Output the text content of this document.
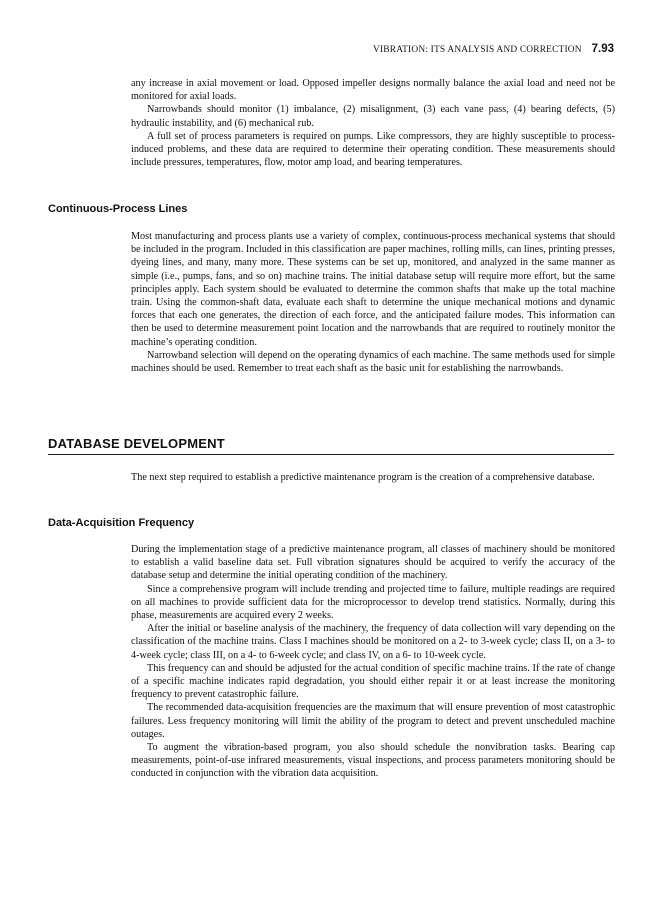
VIBRATION: ITS ANALYSIS AND CORRECTION 7.93

any increase in axial movement or load. Opposed impeller designs normally balance the axial load and need not be monitored for axial loads.

Narrowbands should monitor (1) imbalance, (2) misalignment, (3) each vane pass, (4) bearing defects, (5) hydraulic instability, and (6) mechanical rub.

A full set of process parameters is required on pumps. Like compressors, they are highly susceptible to process-induced problems, and these data are required to determine their operating condition. These measurements should include pressures, temperatures, flow, motor amp load, and bearing temperatures.

Continuous-Process Lines

Most manufacturing and process plants use a variety of complex, continuous-process mechanical systems that should be included in the program. Included in this classification are paper machines, rolling mills, can lines, printing presses, dyeing lines, and many, many more. These systems can be set up, monitored, and analyzed in the same manner as simple (i.e., pumps, fans, and so on) machine trains. The initial database setup will require more effort, but the same principles apply. Each system should be evaluated to determine the common shafts that make up the total machine train. Using the common-shaft data, evaluate each shaft to determine the unique mechanical motions and dynamic forces that each one generates, the direction of each force, and the anticipated failure modes. This information can then be used to determine measurement point location and the narrowbands that are required to routinely monitor the machine’s operating condition.

Narrowband selection will depend on the operating dynamics of each machine. The same methods used for simple machines should be used. Remember to treat each shaft as the basic unit for establishing the narrowbands.

DATABASE DEVELOPMENT

The next step required to establish a predictive maintenance program is the creation of a comprehensive database.

Data-Acquisition Frequency

During the implementation stage of a predictive maintenance program, all classes of machinery should be monitored to establish a valid baseline data set. Full vibration signatures should be acquired to verify the accuracy of the database setup and determine the initial operating condition of the machinery.

Since a comprehensive program will include trending and projected time to failure, multiple readings are required on all machines to provide sufficient data for the microprocessor to develop trend statistics. Normally, during this phase, measurements are acquired every 2 weeks.

After the initial or baseline analysis of the machinery, the frequency of data collection will vary depending on the classification of the machine trains. Class I machines should be monitored on a 2- to 3-week cycle; class II, on a 3- to 4-week cycle; class III, on a 4- to 6-week cycle; and class IV, on a 6- to 10-week cycle.

This frequency can and should be adjusted for the actual condition of specific machine trains. If the rate of change of a specific machine indicates rapid degradation, you should either repair it or at least increase the monitoring frequency to prevent catastrophic failure.

The recommended data-acquisition frequencies are the maximum that will ensure prevention of most catastrophic failures. Less frequency monitoring will limit the ability of the program to detect and prevent unscheduled machine outages.

To augment the vibration-based program, you also should schedule the nonvibration tasks. Bearing cap measurements, point-of-use infrared measurements, visual inspections, and process parameters monitoring should be conducted in conjunction with the vibration data acquisition.
